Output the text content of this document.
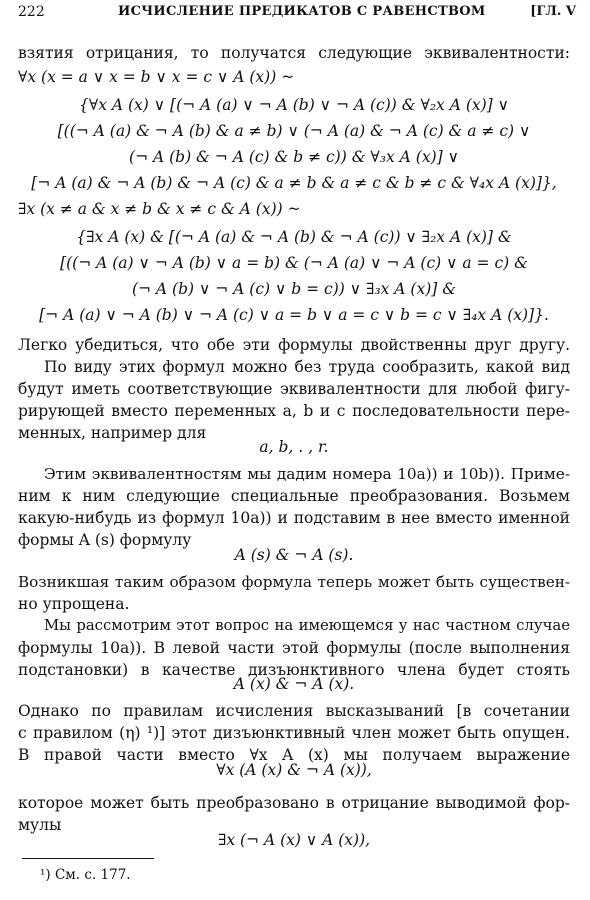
222	ИСЧИСЛЕНИЕ ПРЕДИКАТОВ С РАВЕНСТВОМ	[ГЛ. V
взятия отрицания, то получатся следующие эквивалентности:
∀x (x = a ∨ x = b ∨ x = c ∨ A (x)) ~
{∀x A (x) ∨ [(¬ A (a) ∨ ¬ A (b) ∨ ¬ A (c)) & ∀₂x A (x)] ∨
[((¬ A (a) & ¬ A (b) & a ≠ b) ∨ (¬ A (a) & ¬ A (c) & a ≠ c) ∨
(¬ A (b) & ¬ A (c) & b ≠ c)) & ∀₃x A (x)] ∨
[¬ A (a) & ¬ A (b) & ¬ A (c) & a ≠ b & a ≠ c & b ≠ c & ∀₄x A (x)]},
∃x (x ≠ a & x ≠ b & x ≠ c & A (x)) ~
{∃x A (x) & [(¬ A (a) & ¬ A (b) & ¬ A (c)) ∨ ∃₂x A (x)] &
[((¬ A (a) ∨ ¬ A (b) ∨ a = b) & (¬ A (a) ∨ ¬ A (c) ∨ a = c) &
(¬ A (b) ∨ ¬ A (c) ∨ b = c)) ∨ ∃₃x A (x)] &
[¬ A (a) ∨ ¬ A (b) ∨ ¬ A (c) ∨ a = b ∨ a = c ∨ b = c ∨ ∃₄x A (x)]}.
Легко убедиться, что обе эти формулы двойственны друг другу.
По виду этих формул можно без труда сообразить, какой вид
будут иметь соответствующие эквивалентности для любой фигу-
рирующей вместо переменных a, b и c последовательности пере-
менных, например для
a, b, . , r.
Этим эквивалентностям мы дадим номера 10a)) и 10b)). Приме-
ним к ним следующие специальные преобразования. Возьмем
какую-нибудь из формул 10a)) и подставим в нее вместо именной
формы A (s) формулу
A (s) & ¬ A (s).
Возникшая таким образом формула теперь может быть существен-
но упрощена.
Мы рассмотрим этот вопрос на имеющемся у нас частном случае
формулы 10a)). В левой части этой формулы (после выполнения
подстановки) в качестве дизъюнктивного члена будет стоять
A (x) & ¬ A (x).
Однако по правилам исчисления высказываний [в сочетании
с правилом (η) ¹)] этот дизъюнктивный член может быть опущен.
В правой части вместо ∀x A (x) мы получаем выражение
∀x (A (x) & ¬ A (x)),
которое может быть преобразовано в отрицание выводимой фор-
мулы
∃x (¬ A (x) ∨ A (x)),
¹) См. с. 177.
